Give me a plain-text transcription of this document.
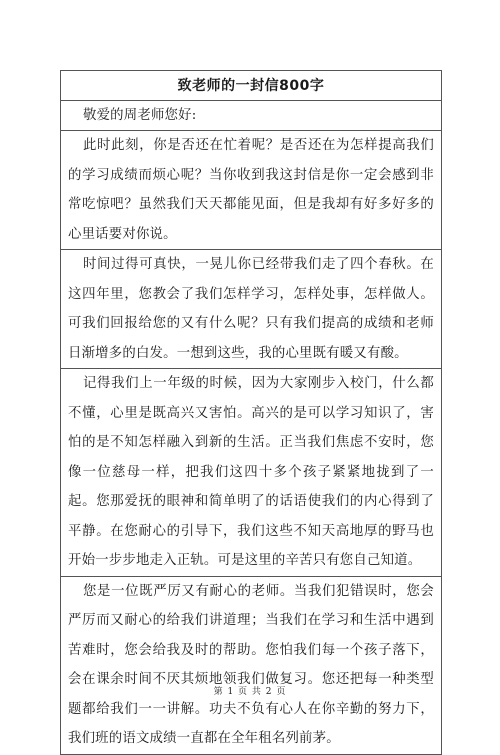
致老师的一封信800字
敬爱的周老师您好:
此时此刻，你是否还在忙着呢？是否还在为怎样提高我们的学习成绩而烦心呢？当你收到我这封信是你一定会感到非常吃惊吧？虽然我们天天都能见面，但是我却有好多好多的心里话要对你说。
时间过得可真快，一晃儿你已经带我们走了四个春秋。在这四年里，您教会了我们怎样学习，怎样处事，怎样做人。可我们回报给您的又有什么呢？只有我们提高的成绩和老师日渐增多的白发。一想到这些，我的心里既有暖又有酸。
记得我们上一年级的时候，因为大家刚步入校门，什么都不懂，心里是既高兴又害怕。高兴的是可以学习知识了，害怕的是不知怎样融入到新的生活。正当我们焦虑不安时，您像一位慈母一样，把我们这四十多个孩子紧紧地拢到了一起。您那爱抚的眼神和简单明了的话语使我们的内心得到了平静。在您耐心的引导下，我们这些不知天高地厚的野马也开始一步步地走入正轨。可是这里的辛苦只有您自己知道。
您是一位既严厉又有耐心的老师。当我们犯错误时，您会严厉而又耐心的给我们讲道理；当我们在学习和生活中遇到苦难时，您会给我及时的帮助。您怕我们每一个孩子落下，会在课余时间不厌其烦地领我们做复习。您还把每一种类型题都给我们一一讲解。功夫不负有心人在你辛勤的努力下，我们班的语文成绩一直都在全年租名列前茅。
第 1 页 共 2 页
